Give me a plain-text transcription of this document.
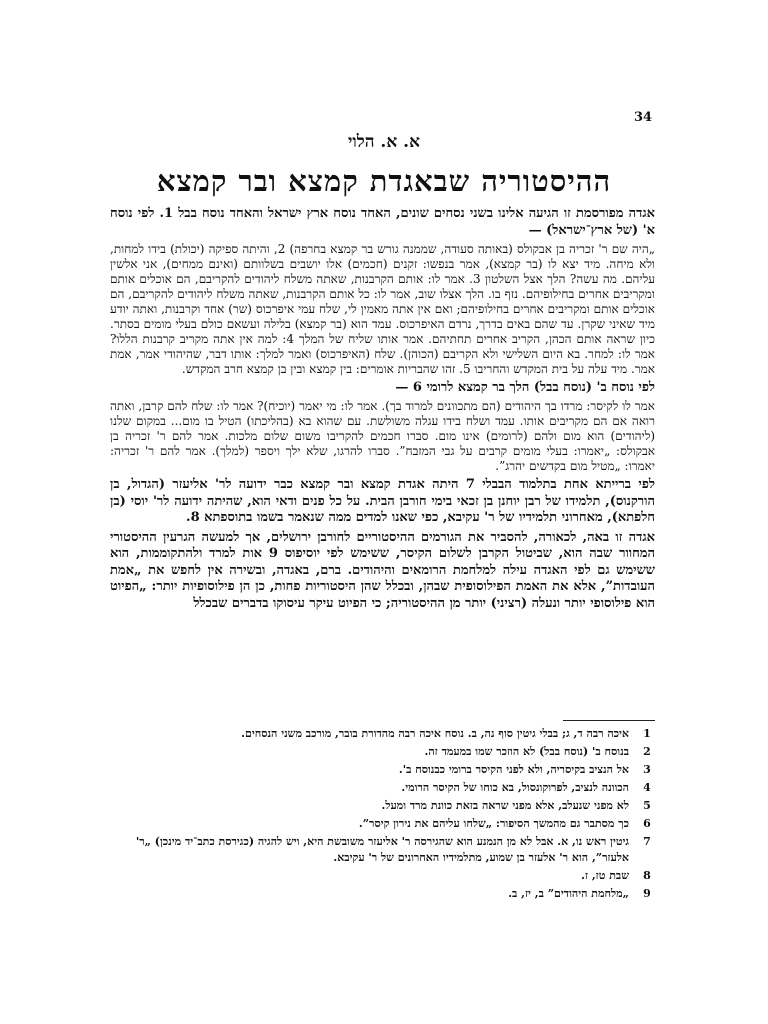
34
א. א. הלוי
ההיסטוריה שבאגדת קמצא ובר קמצא

אגדה מפורסמת זו הגיעה אלינו בשני נסחים שונים, האחד נוסח ארץ ישראל והאחד נוסח בבל 1. לפי נוסח א' (של ארץ־ישראל) —

„היה שם ר' זכריה בן אבקולס (באותה סעודה, שממנה גורש בר קמצא בחרפה) 2, והיתה ספיקה (יכולת) בידו למחות, ולא מיחה. מיד יצא לו (בר קמצא), אמר בנפשו: זקנים (חכמים) אלו יושבים בשלוותם (ואינם ממחים), אני אלשין עליהם. מה עשה? הלך אצל השלטון 3. אמר לו: אותם הקרבנות, שאתה משלח ליהודים להקריבם, הם אוכלים אותם ומקריבים אחרים בחילופיהם. נזף בו. הלך אצלו שוב, אמר לו: כל אותם הקרבנות, שאתה משלח ליהודים להקריבם, הם אוכלים אותם ומקריבים אחרים בחילופיהם; ואם אין אתה מאמין לי, שלח עמי איפרכוס (שר) אחד וקרבנות, ואתה יודע מיד שאיני שקרן. עד שהם באים בדרך, נרדם האיפרכוס. עמד הוא (בר קמצא) בלילה ועשאם כולם בעלי מומים בסתר. כיון שראה אותם הכהן, הקריב אחרים תחתיהם. אמר אותו שליח של המלך 4: למה אין אתה מקריב קרבנות הללו? אמר לו: למחר. בא היום השלישי ולא הקריבם (הכוהן). שלח (האיפרכוס) ואמר למלך: אותו דבר, שהיהודי אמר, אמת אמר. מיד עלה על בית המקדש והחריבו 5. זהו שהבריות אומרים: בין קמצא ובין בן קמצא חרב המקדש.

לפי נוסח ב' (נוסח בבל) הלך בר קמצא לרומי 6 —

אמר לו לקיסר: מרדו בך היהודים (הם מתכוונים למרוד בך). אמר לו: מי יאמר (יוכיח)? אמר לו: שלח להם קרבן, ואתה רואה אם הם מקריבים אותו. עמד ושלח בידו עגלה משולשת. עם שהוא בא (בהליכתו) הטיל בו מום... במקום שלנו (ליהודים) הוא מום ולהם (לרומים) אינו מום. סברו חכמים להקריבו משום שלום מלכות. אמר להם ר' זכריה בן אבקולס: „יאמרו: בעלי מומים קרבים על גבי המזבח”. סברו להרגו, שלא ילך ויספר (למלך). אמר להם ר' זכריה: יאמרו: „מטיל מום בקדשים יהרג”.

לפי ברייתא אחת בתלמוד הבבלי 7 היתה אגדת קמצא ובר קמצא כבר ידועה לר' אליעזר (הגדול, בן הורקנוס), תלמידו של רבן יוחנן בן זכאי בימי חורבן הבית. על כל פנים ודאי הוא, שהיתה ידועה לר' יוסי (בן חלפתא), מאחרוני תלמידיו של ר' עקיבא, כפי שאנו למדים ממה שנאמר בשמו בתוספתא 8.

אגדה זו באה, לכאורה, להסביר את הגורמים ההיסטוריים לחורבן ירושלים, אך למעשה הגרעין ההיסטורי המחוור שבה הוא, שביטול הקרבן לשלום הקיסר, ששימש לפי יוסיפוס 9 אות למרד ולהתקוממות, הוא ששימש גם לפי האגדה עילה למלחמת הרומאים והיהודים. ברם, באגדה, ובשירה אין לחפש את „אמת העובדות”, אלא את האמת הפילוסופית שבהן, ובכלל שהן היסטוריות פחות, כן הן פילוסופיות יותר: „הפיוט הוא פילוסופי יותר ונעלה (רציני) יותר מן ההיסטוריה; כי הפיוט עיקר עיסוקו בדברים שבכלל

1
איכה רבה ד, ג; בבלי גיטין סוף נה, ב. נוסח איכה רבה מהדורת בובר, מורכב משני הנסחים.
2
בנוסח ב' (נוסח בבל) לא הוזכר שמו במעמד זה.
3
אל הנציב בקיסריה, ולא לפני הקיסר ברומי כבנוסח ב'.
4
הכוונה לנציב, לפרוקונסול, בא כוחו של הקיסר הרומי.
5
לא מפני שנעלב, אלא מפני שראה בזאת כוונת מרד ומעל.
6
כך מסתבר גם מהמשך הסיפור: „שלחו עליהם את נירון קיסר”.
7
גיטין ראש נו, א. אבל לא מן הנמנע הוא שהגירסה ר' אליעזר משובשת היא, ויש להגיה (כגירסת כתב־יד מינכן) „ר' אלעזר”, הוא ר' אלעזר בן שמוע, מתלמידיו האחרונים של ר' עקיבא.
8
שבת טז, ז.
9
„מלחמת היהודים” ב, יז, ב.
